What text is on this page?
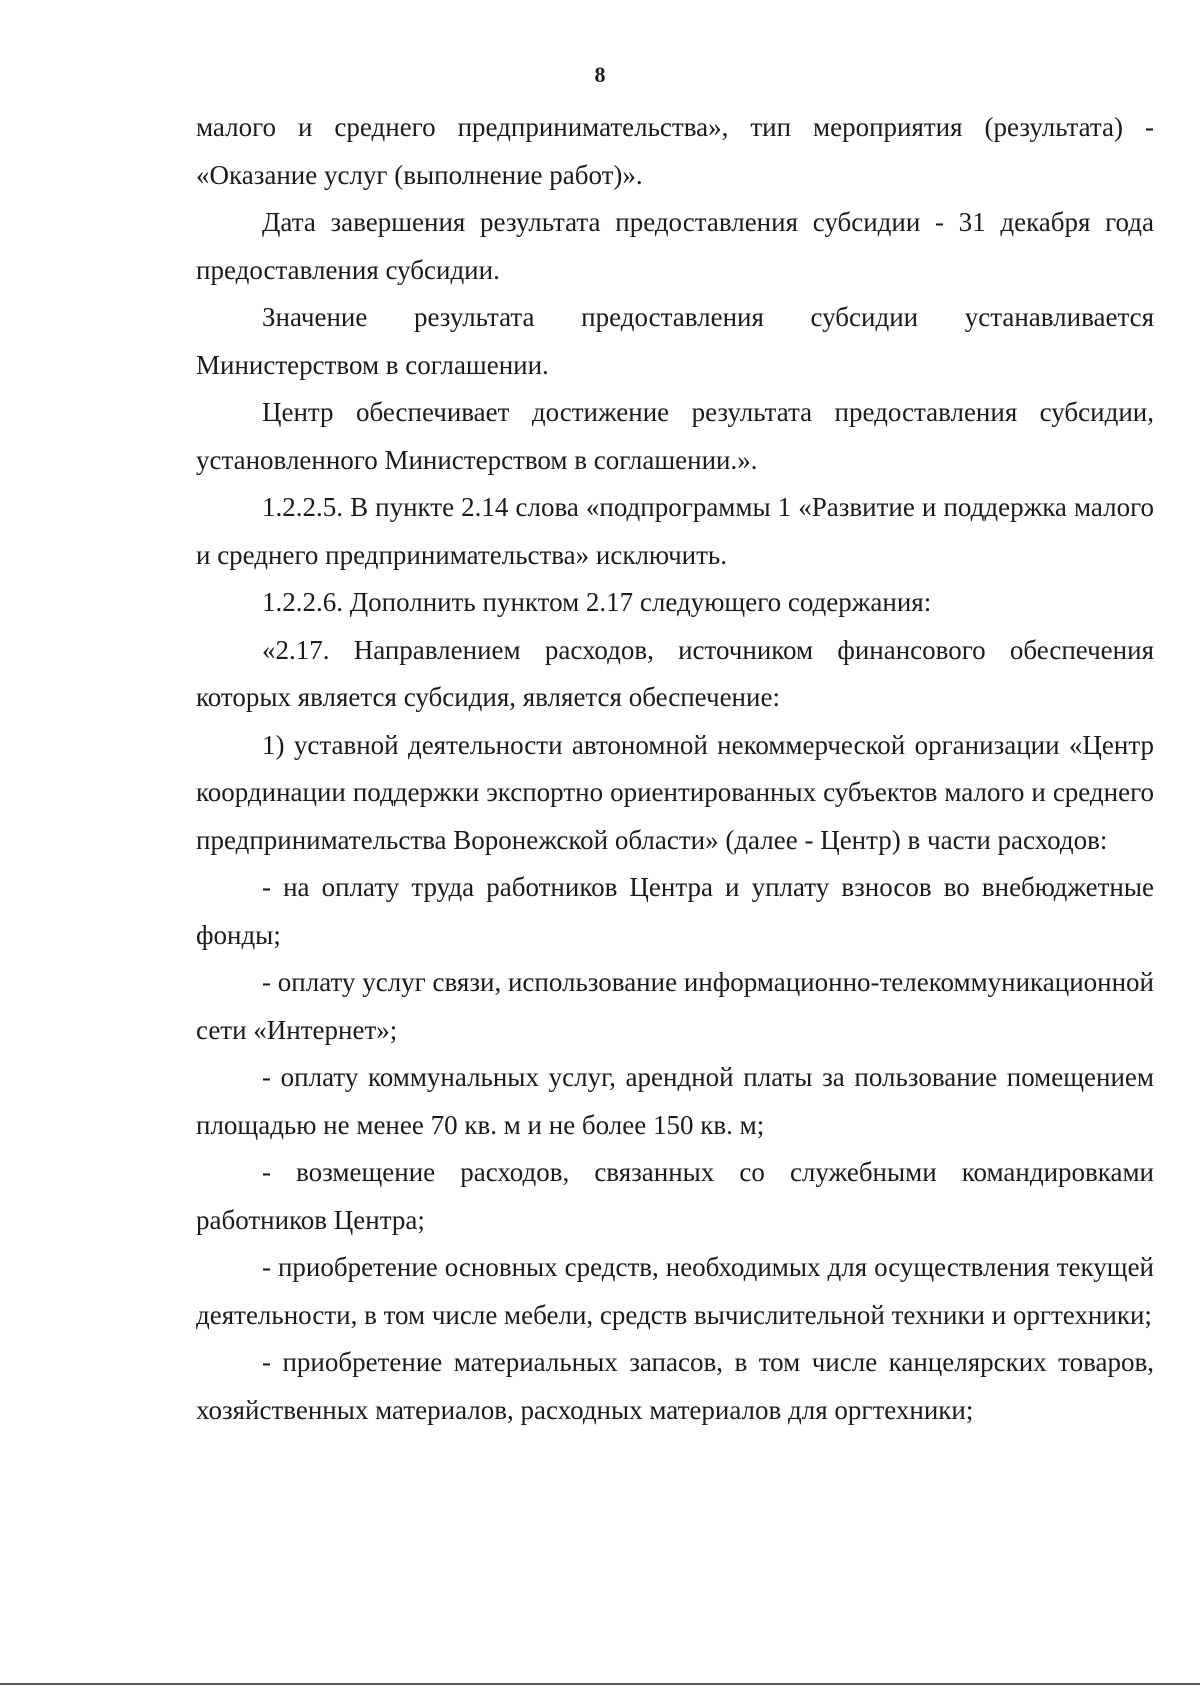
8

малого и среднего предпринимательства», тип мероприятия (результата) - «Оказание услуг (выполнение работ)».

Дата завершения результата предоставления субсидии - 31 декабря года предоставления субсидии.

Значение результата предоставления субсидии устанавливается Министерством в соглашении.

Центр обеспечивает достижение результата предоставления субсидии, установленного Министерством в соглашении.».

1.2.2.5. В пункте 2.14 слова «подпрограммы 1 «Развитие и поддержка малого и среднего предпринимательства» исключить.

1.2.2.6. Дополнить пунктом 2.17 следующего содержания:

«2.17. Направлением расходов, источником финансового обеспечения которых является субсидия, является обеспечение:

1) уставной деятельности автономной некоммерческой организации «Центр координации поддержки экспортно ориентированных субъектов малого и среднего предпринимательства Воронежской области» (далее - Центр) в части расходов:

- на оплату труда работников Центра и уплату взносов во внебюджетные фонды;

- оплату услуг связи, использование информационно-телекоммуникационной сети «Интернет»;

- оплату коммунальных услуг, арендной платы за пользование помещением площадью не менее 70 кв. м и не более 150 кв. м;

- возмещение расходов, связанных со служебными командировками работников Центра;

- приобретение основных средств, необходимых для осуществления текущей деятельности, в том числе мебели, средств вычислительной техники и оргтехники;

- приобретение материальных запасов, в том числе канцелярских товаров, хозяйственных материалов, расходных материалов для оргтехники;
